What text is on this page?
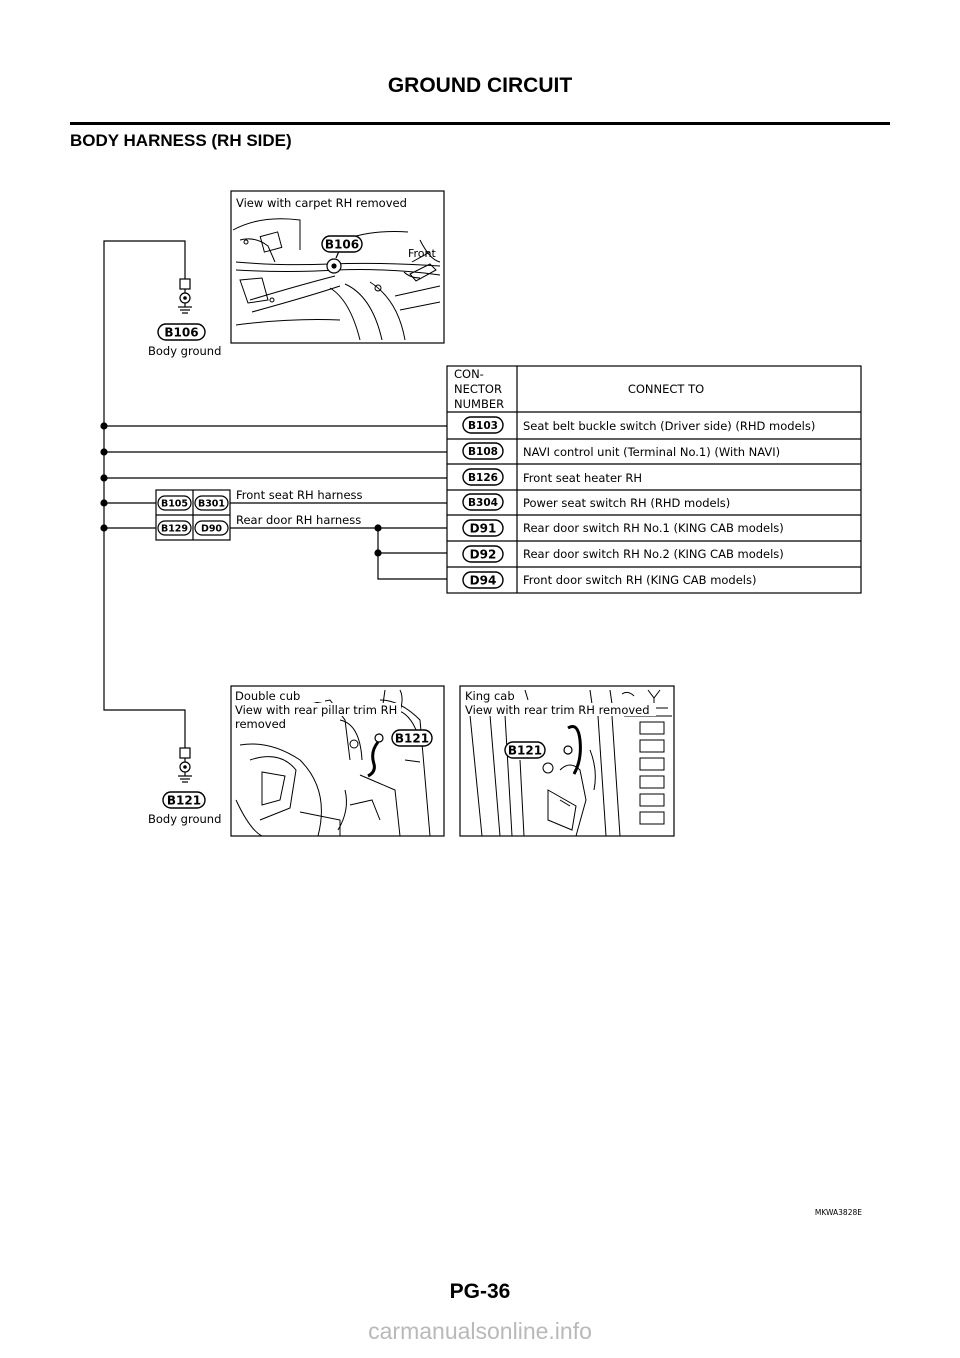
GROUND CIRCUIT
BODY HARNESS (RH SIDE)
B106
Body ground
B106
Front
View with carpet RH removed
CON-
NECTOR
NUMBER
CONNECT TO
B103 Seat belt buckle switch (Driver side) (RHD models)
B108 NAVI control unit (Terminal No.1) (With NAVI)
B126 Front seat heater RH
B304 Power seat switch RH (RHD models)
D91 Rear door switch RH No.1 (KING CAB models)
D92 Rear door switch RH No.2 (KING CAB models)
D94 Front door switch RH (KING CAB models)
B105 B301
B129 D90
Front seat RH harness
Rear door RH harness
B121
Body ground
B121
Double cub
View with rear pillar trim RH
removed
B121
King cab
View with rear trim RH removed
MKWA3828E
PG-36
carmanualsonline.info
